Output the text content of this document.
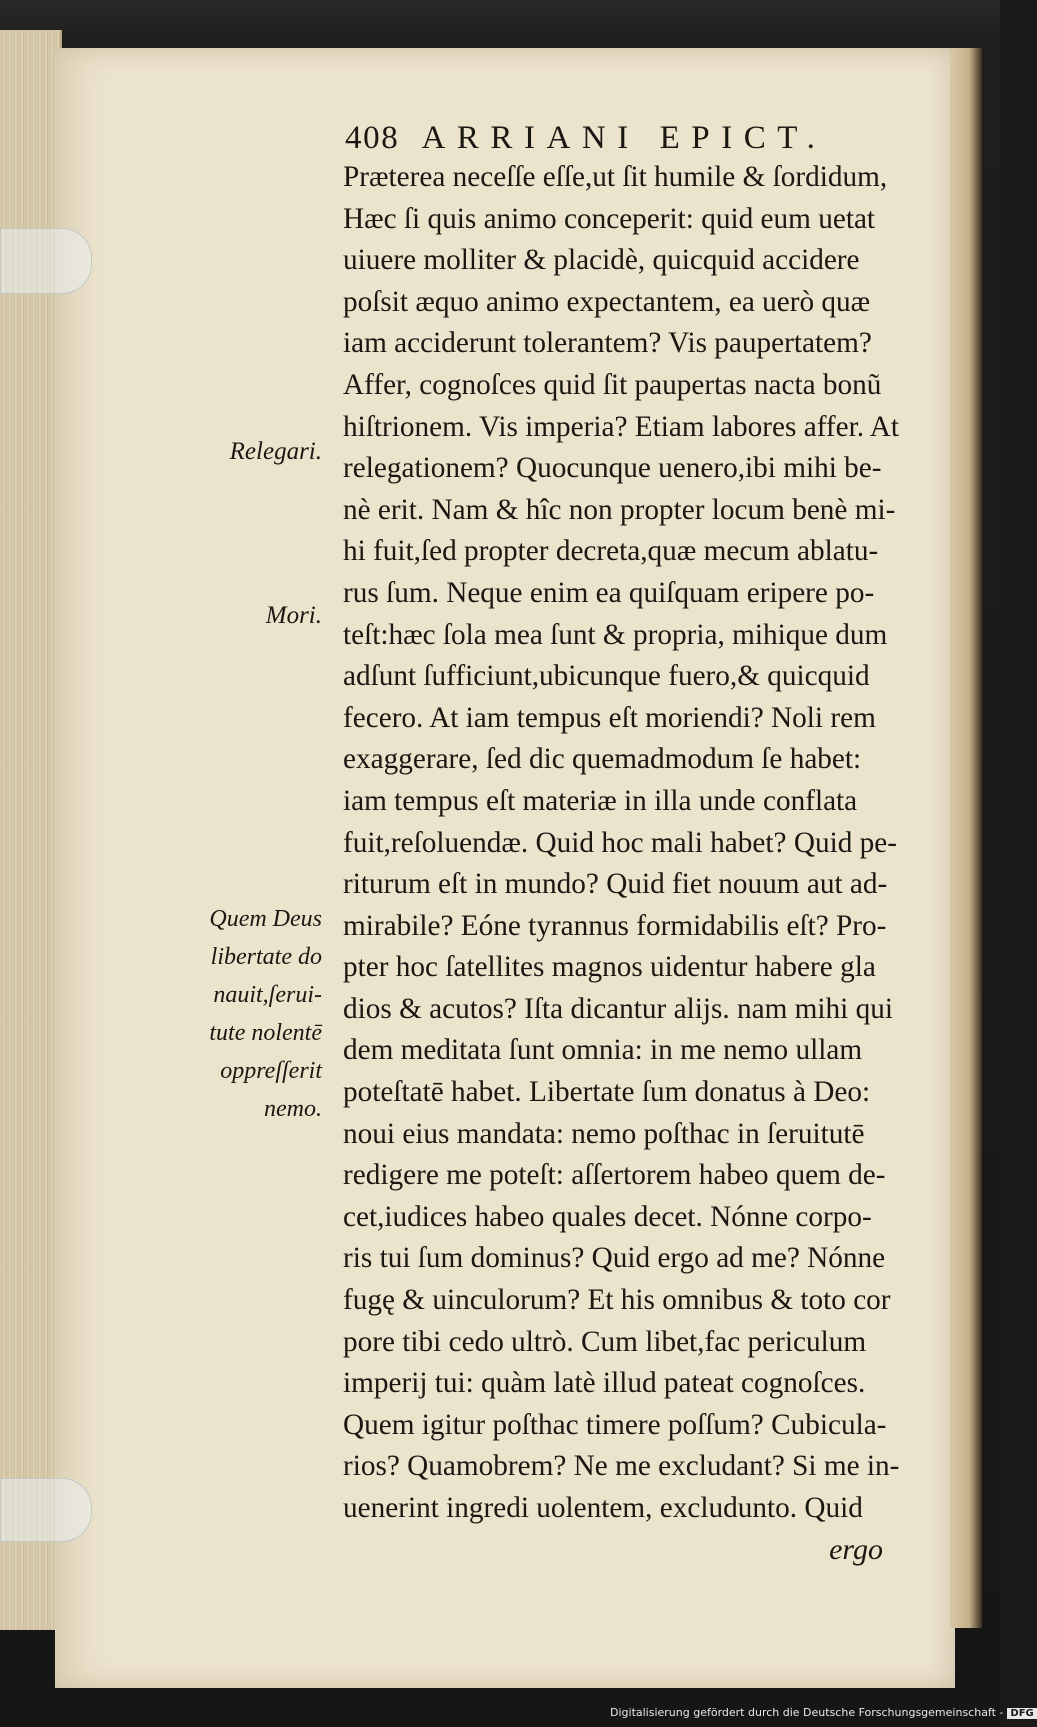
408 ARRIANI EPICT.
Præterea neceſſe eſſe,ut ſit humile & ſordidum,
Hæc ſi quis animo conceperit: quid eum uetat
uiuere molliter & placidè, quicquid accidere
poſsit æquo animo expectantem, ea uerò quæ
iam acciderunt tolerantem? Vis paupertatem?
Affer, cognoſces quid ſit paupertas nacta bonũ
hiſtrionem. Vis imperia? Etiam labores affer. At
relegationem? Quocunque uenero,ibi mihi be-
nè erit. Nam & hîc non propter locum benè mi-
hi fuit,ſed propter decreta,quæ mecum ablatu-
rus ſum. Neque enim ea quiſquam eripere po-
teſt:hæc ſola mea ſunt & propria, mihique dum
adſunt ſufficiunt,ubicunque fuero,& quicquid
fecero. At iam tempus eſt moriendi? Noli rem
exaggerare, ſed dic quemadmodum ſe habet:
iam tempus eſt materiæ in illa unde conflata
fuit,reſoluendæ. Quid hoc mali habet? Quid pe-
riturum eſt in mundo? Quid fiet nouum aut ad-
mirabile? Eóne tyrannus formidabilis eſt? Pro-
pter hoc ſatellites magnos uidentur habere gla
dios & acutos? Iſta dicantur alijs. nam mihi qui
dem meditata ſunt omnia: in me nemo ullam
poteſtatē habet. Libertate ſum donatus à Deo:
noui eius mandata: nemo poſthac in ſeruitutē
redigere me poteſt: aſſertorem habeo quem de-
cet,iudices habeo quales decet. Nónne corpo-
ris tui ſum dominus? Quid ergo ad me? Nónne
fugę & uinculorum? Et his omnibus & toto cor
pore tibi cedo ultrò. Cum libet,fac periculum
imperij tui: quàm latè illud pateat cognoſces.
Quem igitur poſthac timere poſſum? Cubicula-
rios? Quamobrem? Ne me excludant? Si me in-
uenerint ingredi uolentem, excludunto. Quid
ergo
Relegari.
Mori.
Quem Deus
libertate do
nauit,ſerui-
tute nolentē
oppreſſerit
nemo.
Digitalisierung gefördert durch die Deutsche Forschungsgemeinschaft - DFG
